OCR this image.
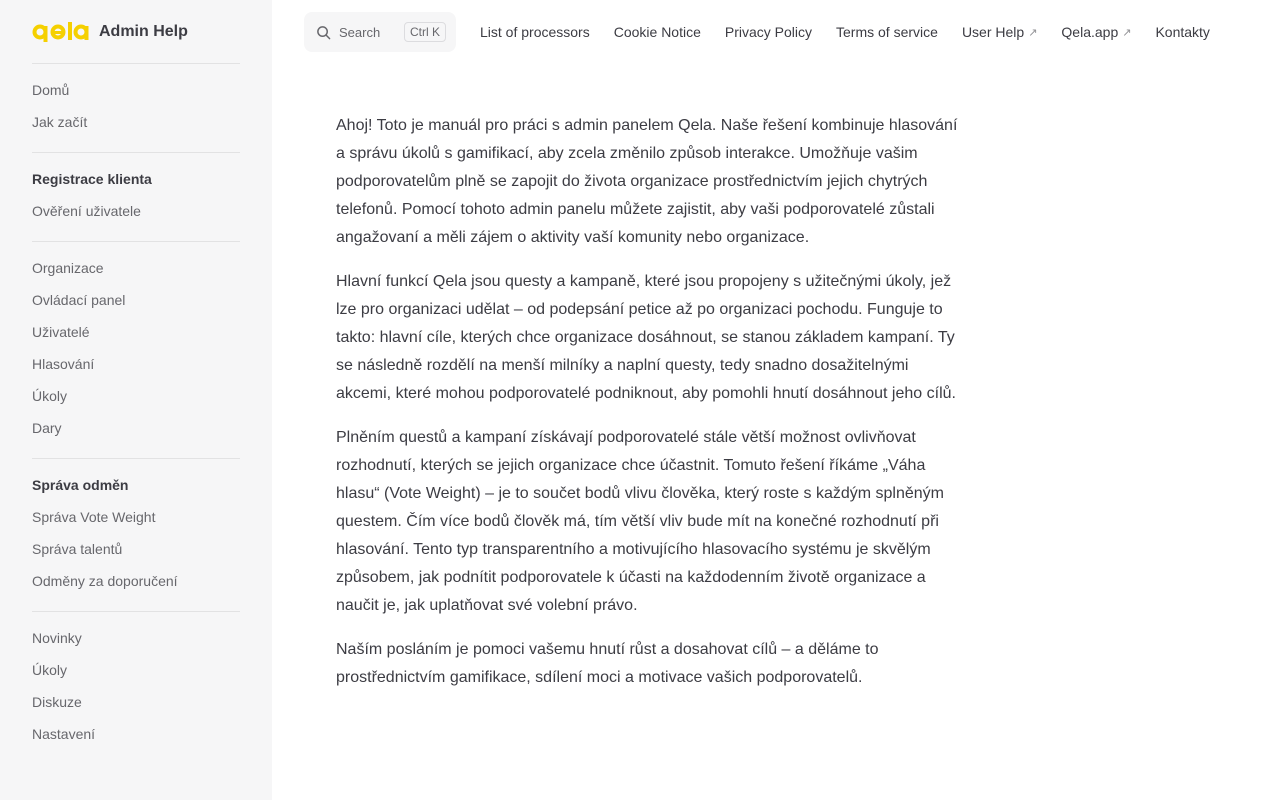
Admin Help
Domů
Jak začít
Registrace klienta
Ověření uživatele
Organizace
Ovládací panel
Uživatelé
Hlasování
Úkoly
Dary
Správa odměn
Správa Vote Weight
Správa talentů
Odměny za doporučení
Novinky
Úkoly
Diskuze
Nastavení
Search	Ctrl K	List of processors Cookie Notice Privacy Policy Terms of service User Help ↗ Qela.app ↗ Kontakty

Ahoj! Toto je manuál pro práci s admin panelem Qela. Naše řešení kombinuje hlasování a správu úkolů s gamifikací, aby zcela změnilo způsob interakce. Umožňuje vašim podporovatelům plně se zapojit do života organizace prostřednictvím jejich chytrých telefonů. Pomocí tohoto admin panelu můžete zajistit, aby vaši podporovatelé zůstali angažovaní a měli zájem o aktivity vaší komunity nebo organizace.

Hlavní funkcí Qela jsou questy a kampaně, které jsou propojeny s užitečnými úkoly, jež lze pro organizaci udělat – od podepsání petice až po organizaci pochodu. Funguje to takto: hlavní cíle, kterých chce organizace dosáhnout, se stanou základem kampaní. Ty se následně rozdělí na menší milníky a naplní questy, tedy snadno dosažitelnými akcemi, které mohou podporovatelé podniknout, aby pomohli hnutí dosáhnout jeho cílů.

Plněním questů a kampaní získávají podporovatelé stále větší možnost ovlivňovat rozhodnutí, kterých se jejich organizace chce účastnit. Tomuto řešení říkáme „Váha hlasu“ (Vote Weight) – je to součet bodů vlivu člověka, který roste s každým splněným questem. Čím více bodů člověk má, tím větší vliv bude mít na konečné rozhodnutí při hlasování. Tento typ transparentního a motivujícího hlasovacího systému je skvělým způsobem, jak podnítit podporovatele k účasti na každodenním životě organizace a naučit je, jak uplatňovat své volební právo.

Naším posláním je pomoci vašemu hnutí růst a dosahovat cílů – a děláme to prostřednictvím gamifikace, sdílení moci a motivace vašich podporovatelů.
